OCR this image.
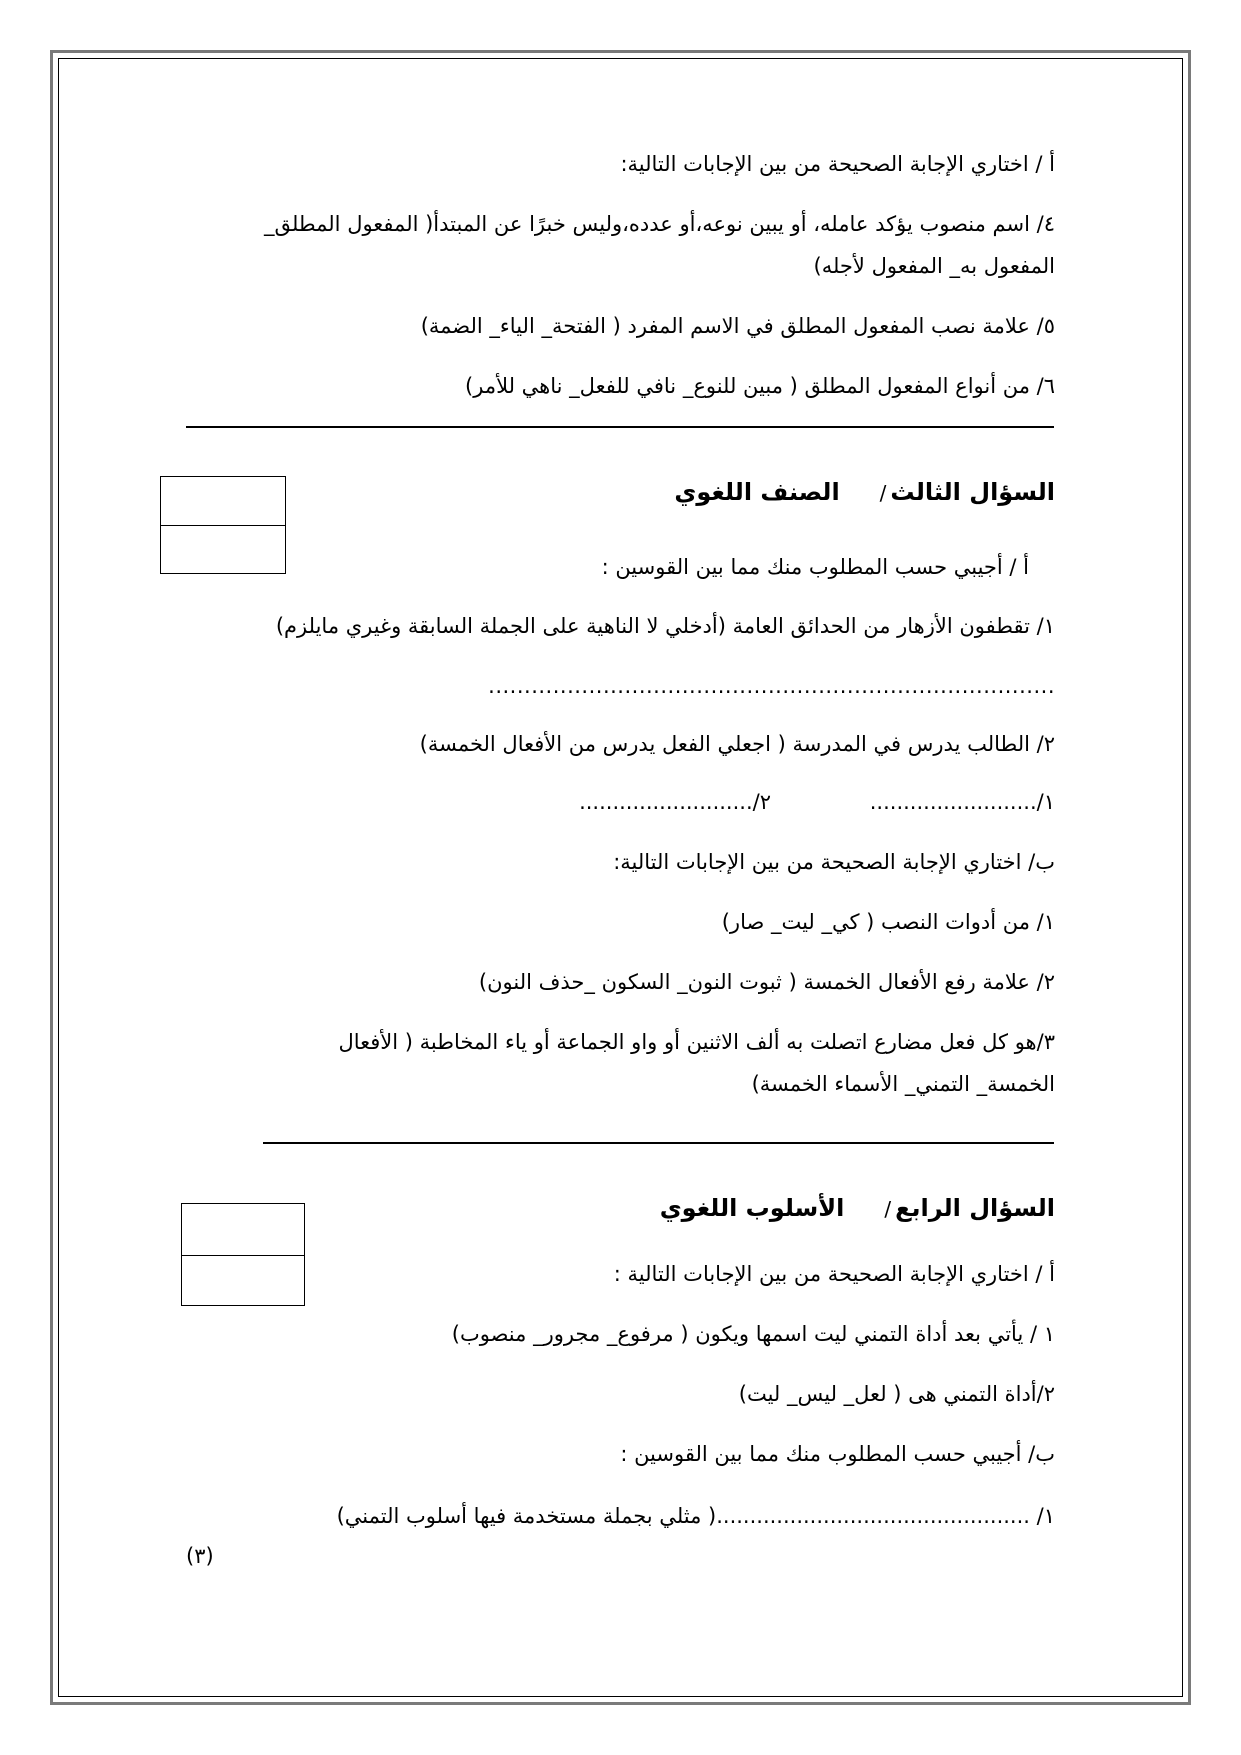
أ / اختاري الإجابة الصحيحة من بين الإجابات التالية:
٤/ اسم منصوب يؤكد عامله، أو يبين نوعه،أو عدده،وليس خبرًا عن المبتدأ( المفعول المطلق_
المفعول به_ المفعول لأجله)
٥/ علامة نصب المفعول المطلق في الاسم المفرد ( الفتحة_ الياء_ الضمة)
٦/ من أنواع المفعول المطلق ( مبين للنوع_ نافي للفعل_ ناهي للأمر)
السؤال الثالث/الصنف اللغوي
أ / أجيبي حسب المطلوب منك مما بين القوسين :
١/ تقطفون الأزهار من الحدائق العامة (أدخلي لا الناهية على الجملة السابقة وغيري مايلزم)
...............................................................................
٢/ الطالب يدرس في المدرسة ( اجعلي الفعل يدرس من الأفعال الخمسة)
١/.........................
٢/..........................
ب/ اختاري الإجابة الصحيحة من بين الإجابات التالية:
١/ من أدوات النصب ( كي_ ليت_ صار)
٢/ علامة رفع الأفعال الخمسة ( ثبوت النون_ السكون _حذف النون)
٣/هو كل فعل مضارع اتصلت به ألف الاثنين أو واو الجماعة أو ياء المخاطبة ( الأفعال
الخمسة_ التمني_ الأسماء الخمسة)
السؤال الرابع/الأسلوب اللغوي
أ / اختاري الإجابة الصحيحة من بين الإجابات التالية :
١ / يأتي بعد أداة التمني ليت اسمها ويكون ( مرفوع_ مجرور_ منصوب)
٢/أداة التمني هى ( لعل_ ليس_ ليت)
ب/ أجيبي حسب المطلوب منك مما بين القوسين :
١/ ...............................................( مثلي بجملة مستخدمة فيها أسلوب التمني)
(٣)
